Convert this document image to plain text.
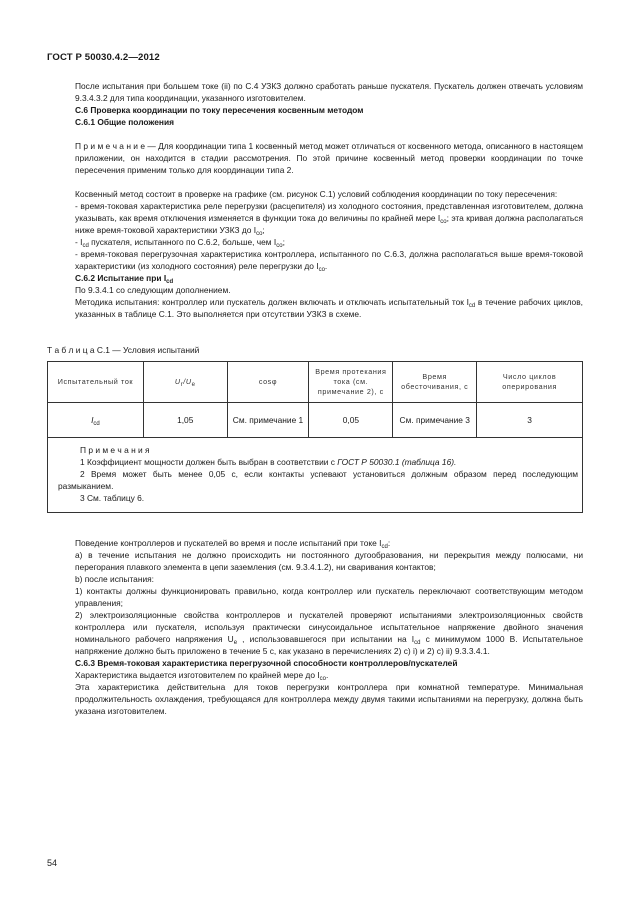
ГОСТ Р 50030.4.2—2012

После испытания при большем токе (ii) по С.4 УЗКЗ должно сработать раньше пускателя. Пускатель должен отвечать условиям 9.3.4.3.2 для типа координации, указанного изготовителем.

С.6 Проверка координации по току пересечения косвенным методом

С.6.1 Общие положения

П р и м е ч а н и е — Для координации типа 1 косвенный метод может отличаться от косвенного метода, описанного в настоящем приложении, он находится в стадии рассмотрения. По этой причине косвенный метод проверки координации по точке пересечения применим только для координации типа 2.

Косвенный метод состоит в проверке на графике (см. рисунок С.1) условий соблюдения координации по току пересечения:

- время-токовая характеристика реле перегрузки (расцепителя) из холодного состояния, представленная изготовителем, должна указывать, как время отключения изменяется в функции тока до величины по крайней мере $I_{co}$; эта кривая должна располагаться ниже время-токовой характеристики УЗКЗ до $I_{co}$;

- $I_{cd}$ пускателя, испытанного по С.6.2, больше, чем $I_{co}$;

- время-токовая перегрузочная характеристика контроллера, испытанного по С.6.3, должна располагаться выше время-токовой характеристики (из холодного состояния) реле перегрузки до $I_{co}$.

С.6.2 Испытание при $I_{cd}$

По 9.3.4.1 со следующим дополнением.

Методика испытания: контроллер или пускатель должен включать и отключать испытательный ток $I_{cd}$ в течение рабочих циклов, указанных в таблице С.1. Это выполняется при отсутствии УЗКЗ в схеме.

Т а б л и ц а С.1 — Условия испытаний
Испытательный ток	$U_r/U_e$	cosφ	Время протекания тока (см. примечание 2), с	Время обесточивания, с	Число циклов оперирования
$I_{cd}$	1,05	См. примечание 1	0,05	См. примечание 3	3

П р и м е ч а н и я
1 Коэффициент мощности должен быть выбран в соответствии с ГОСТ Р 50030.1 (таблица 16).
2 Время может быть менее 0,05 с, если контакты успевают установиться должным образом перед последующим размыканием.
3 См. таблицу 6.					

Поведение контроллеров и пускателей во время и после испытаний при токе $I_{cd}$:

a) в течение испытания не должно происходить ни постоянного дугообразования, ни перекрытия между полюсами, ни перегорания плавкого элемента в цепи заземления (см. 9.3.4.1.2), ни сваривания контактов;

b) после испытания:

1) контакты должны функционировать правильно, когда контроллер или пускатель переключают соответствующим методом управления;

2) электроизоляционные свойства контроллеров и пускателей проверяют испытаниями электроизоляционных свойств контроллера или пускателя, используя практически синусоидальное испытательное напряжение двойного значения номинального рабочего напряжения $U_e$ , использовавшегося при испытании на $I_{cd}$ с минимумом 1000 В. Испытательное напряжение должно быть приложено в течение 5 с, как указано в перечислениях 2) с) i) и 2) с) ii) 9.3.3.4.1.

С.6.3 Время-токовая характеристика перегрузочной способности контроллеров/пускателей

Характеристика выдается изготовителем по крайней мере до $I_{co}$.

Эта характеристика действительна для токов перегрузки контроллера при комнатной температуре. Минимальная продолжительность охлаждения, требующаяся для контроллера между двумя такими испытаниями на перегрузку, должна быть указана изготовителем.

54
